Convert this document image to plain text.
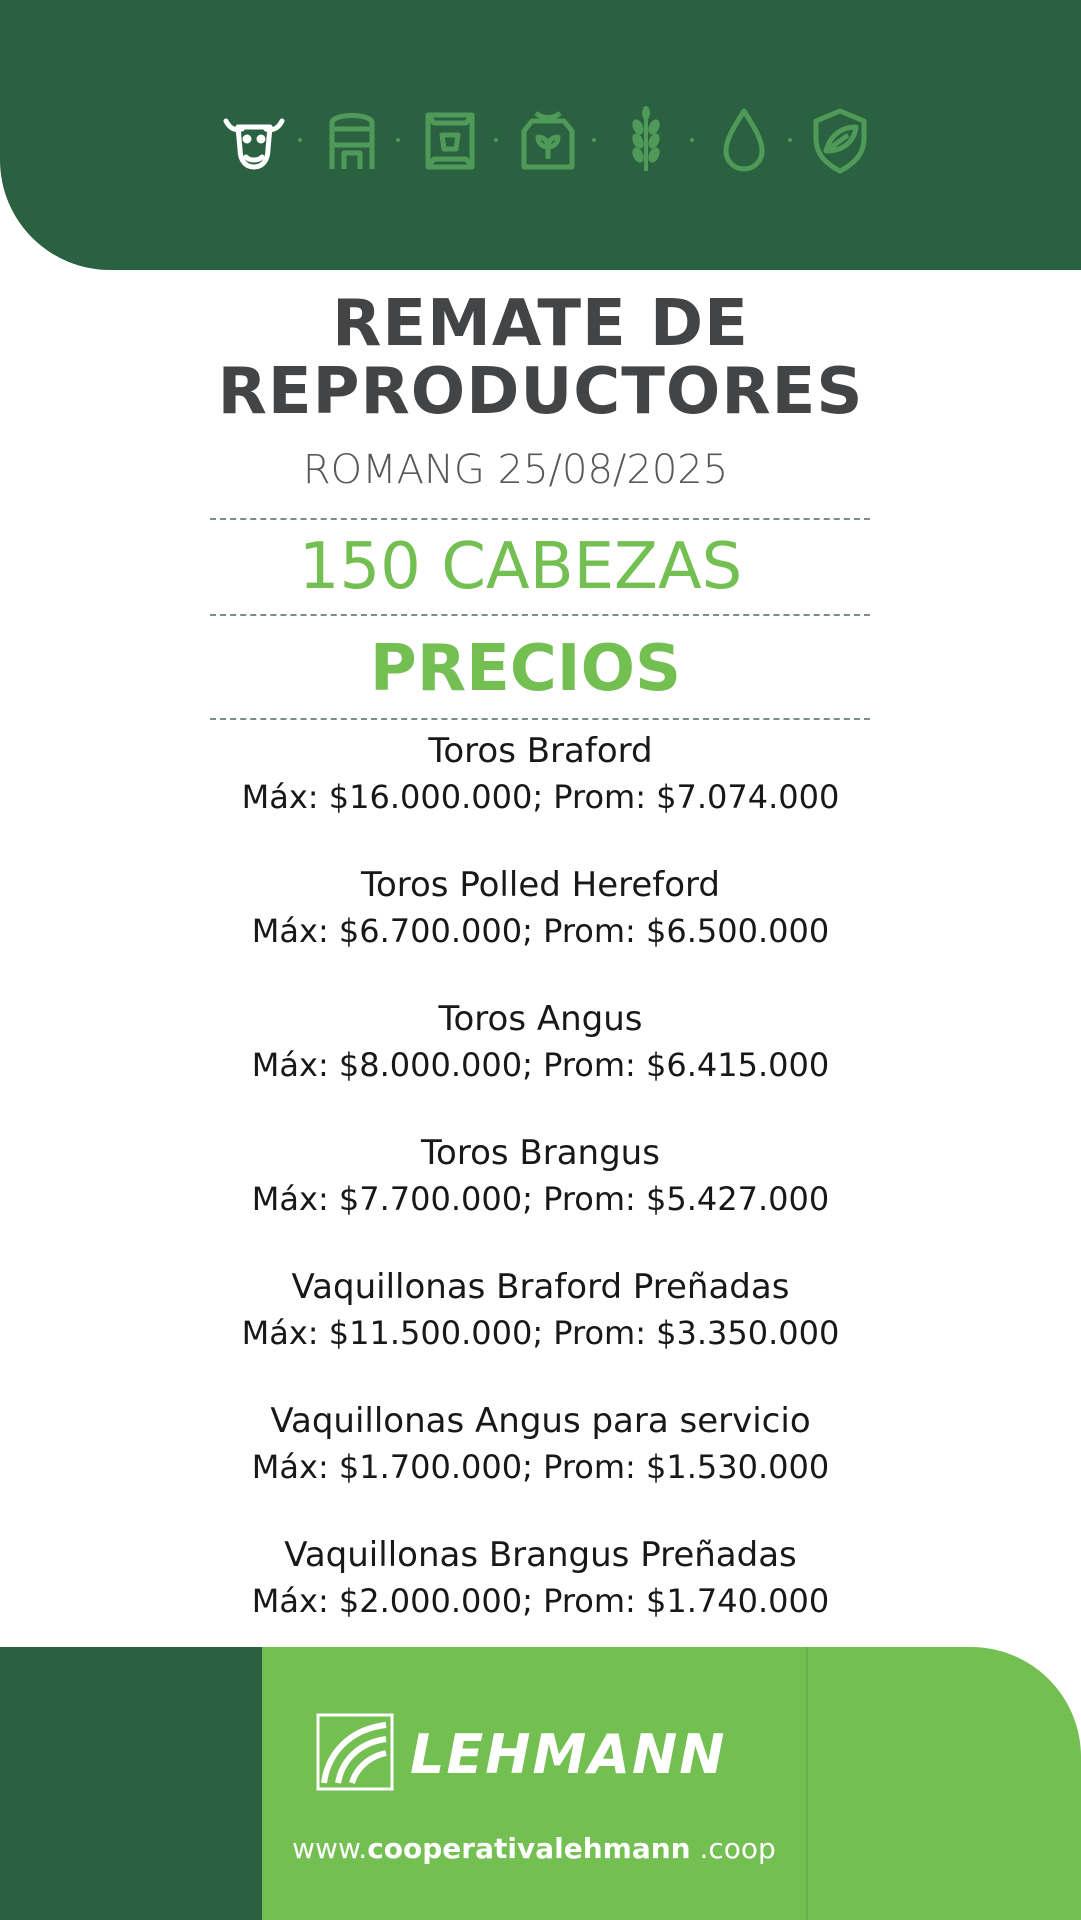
REMATE DE
REPRODUCTORES
ROMANG 25/08/2025
150 CABEZAS
PRECIOS
Toros Braford
Máx: $16.000.000; Prom: $7.074.000
Toros Polled Hereford
Máx: $6.700.000; Prom: $6.500.000
Toros Angus
Máx: $8.000.000; Prom: $6.415.000
Toros Brangus
Máx: $7.700.000; Prom: $5.427.000
Vaquillonas Braford Preñadas
Máx: $11.500.000; Prom: $3.350.000
Vaquillonas Angus para servicio
Máx: $1.700.000; Prom: $1.530.000
Vaquillonas Brangus Preñadas
Máx: $2.000.000; Prom: $1.740.000
LEHMANN
www.cooperativalehmann .coop
